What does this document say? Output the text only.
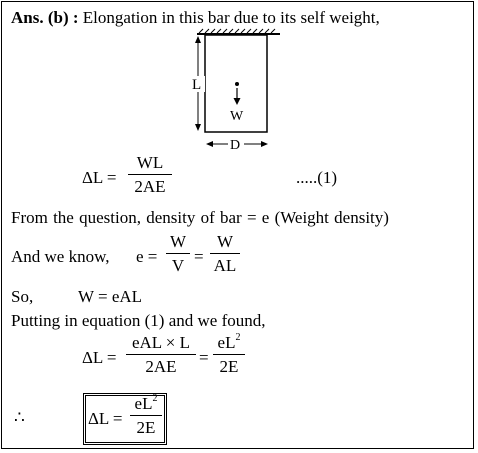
Ans. (b) : Elongation in this bar due to its self weight,
L
W
D
ΔL =
WL
2AE	.....(1)
From the question, density of bar = e (Weight density)
And we know, e =
W
V =
W
AL
So,	W = eAL
Putting in equation (1) and we found,
ΔL =
eAL × L
2AE	=
$eL^2$
2E
∴	ΔL =
$eL^2$
2E
